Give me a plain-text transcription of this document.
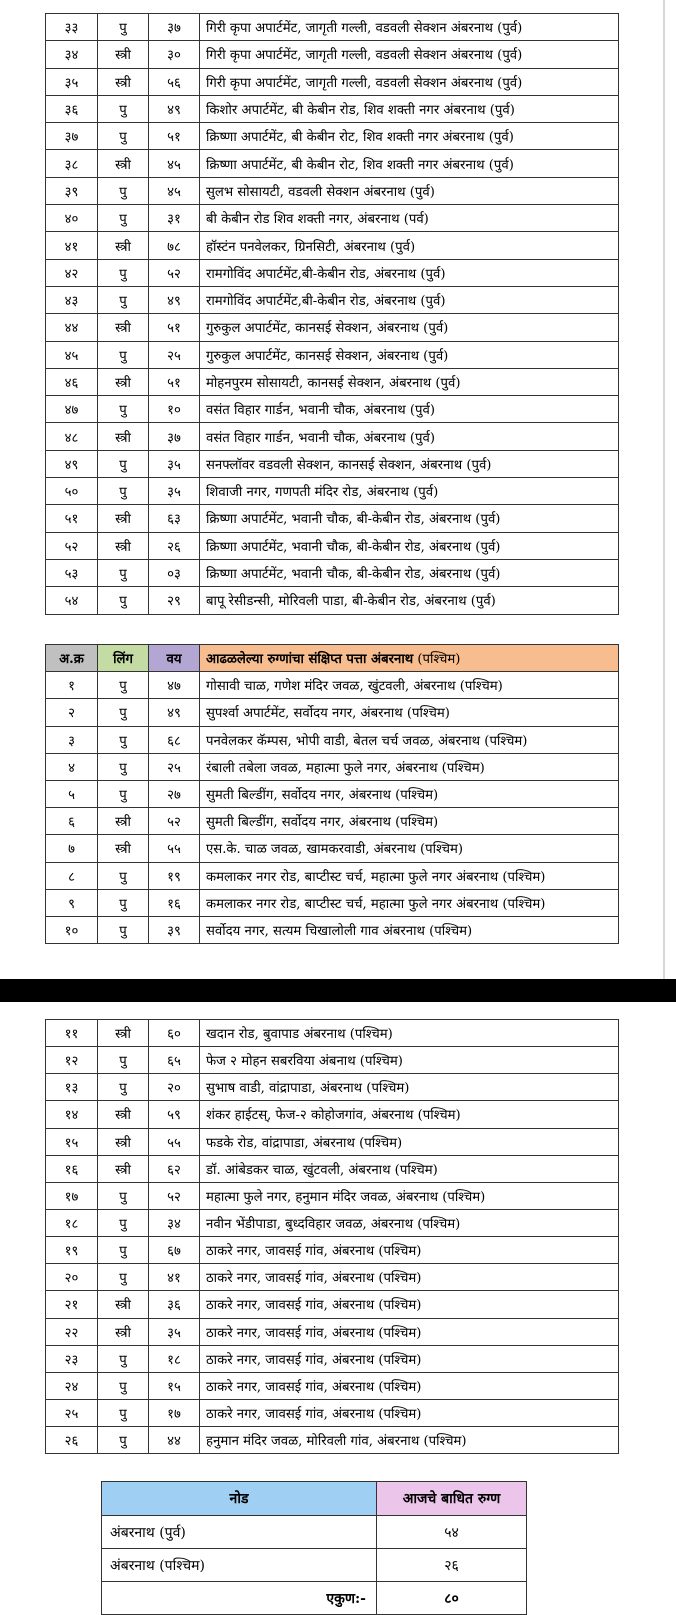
३३	पु	३७	गिरी कृपा अपार्टमेंट, जागृती गल्ली, वडवली सेक्शन अंबरनाथ (पुर्व)
३४	स्त्री	३०	गिरी कृपा अपार्टमेंट, जागृती गल्ली, वडवली सेक्शन अंबरनाथ (पुर्व)
३५	स्त्री	५६	गिरी कृपा अपार्टमेंट, जागृती गल्ली, वडवली सेक्शन अंबरनाथ (पुर्व)
३६	पु	४९	किशोर अपार्टमेंट, बी केबीन रोड, शिव शक्ती नगर अंबरनाथ (पुर्व)
३७	पु	५१	क्रिष्णा अपार्टमेंट, बी केबीन रोट, शिव शक्ती नगर अंबरनाथ (पुर्व)
३८	स्त्री	४५	क्रिष्णा अपार्टमेंट, बी केबीन रोट, शिव शक्ती नगर अंबरनाथ (पुर्व)
३९	पु	४५	सुलभ सोसायटी, वडवली सेक्शन अंबरनाथ (पुर्व)
४०	पु	३१	बी केबीन रोड शिव शक्ती नगर, अंबरनाथ (पर्व)
४१	स्त्री	७८	हॉस्टंन पनवेलकर, ग्रिनसिटी, अंबरनाथ (पुर्व)
४२	पु	५२	रामगोविंद अपार्टमेंट,बी-केबीन रोड, अंबरनाथ (पुर्व)
४३	पु	४९	रामगोविंद अपार्टमेंट,बी-केबीन रोड, अंबरनाथ (पुर्व)
४४	स्त्री	५१	गुरुकुल अपार्टमेंट, कानसई सेक्शन, अंबरनाथ (पुर्व)
४५	पु	२५	गुरुकुल अपार्टमेंट, कानसई सेक्शन, अंबरनाथ (पुर्व)
४६	स्त्री	५१	मोहनपुरम सोसायटी, कानसई सेक्शन, अंबरनाथ (पुर्व)
४७	पु	१०	वसंत विहार गार्डन, भवानी चौक, अंबरनाथ (पुर्व)
४८	स्त्री	३७	वसंत विहार गार्डन, भवानी चौक, अंबरनाथ (पुर्व)
४९	पु	३५	सनफ्लॉवर वडवली सेक्शन, कानसई सेक्शन, अंबरनाथ (पुर्व)
५०	पु	३५	शिवाजी नगर, गणपती मंदिर रोड, अंबरनाथ (पुर्व)
५१	स्त्री	६३	क्रिष्णा अपार्टमेंट, भवानी चौक, बी-केबीन रोड, अंबरनाथ (पुर्व)
५२	स्त्री	२६	क्रिष्णा अपार्टमेंट, भवानी चौक, बी-केबीन रोड, अंबरनाथ (पुर्व)
५३	पु	०३	क्रिष्णा अपार्टमेंट, भवानी चौक, बी-केबीन रोड, अंबरनाथ (पुर्व)
५४	पु	२९	बापू रेसीडन्सी, मोरिवली पाडा, बी-केबीन रोड, अंबरनाथ (पुर्व)
अ.क्र	लिंग	वय	आढळलेल्या रुग्णांचा संक्षिप्त पत्ता अंबरनाथ (पश्चिम)
१	पु	४७	गोसावी चाळ, गणेश मंदिर जवळ, खुंटवली, अंबरनाथ (पश्चिम)
२	पु	४९	सुपर्श्वा अपार्टमेंट, सर्वोदय नगर, अंबरनाथ (पश्चिम)
३	पु	६८	पनवेलकर कॅम्पस, भोपी वाडी, बेतल चर्च जवळ, अंबरनाथ (पश्चिम)
४	पु	२५	रंबाली तबेला जवळ, महात्मा फुले नगर, अंबरनाथ (पश्चिम)
५	पु	२७	सुमती बिल्डींग, सर्वोदय नगर, अंबरनाथ (पश्चिम)
६	स्त्री	५२	सुमती बिल्डींग, सर्वोदय नगर, अंबरनाथ (पश्चिम)
७	स्त्री	५५	एस.के. चाळ जवळ, खामकरवाडी, अंबरनाथ (पश्चिम)
८	पु	१९	कमलाकर नगर रोड, बाप्टीस्ट चर्च, महात्मा फुले नगर अंबरनाथ (पश्चिम)
९	पु	१६	कमलाकर नगर रोड, बाप्टीस्ट चर्च, महात्मा फुले नगर अंबरनाथ (पश्चिम)
१०	पु	३९	सर्वोदय नगर, सत्यम चिखालोली गाव अंबरनाथ (पश्चिम)
११	स्त्री	६०	खदान रोड, बुवापाड अंबरनाथ (पश्चिम)
१२	पु	६५	फेज २ मोहन सबरविया अंबनाथ (पश्चिम)
१३	पु	२०	सुभाष वाडी, वांद्रापाडा, अंबरनाथ (पश्चिम)
१४	स्त्री	५९	शंकर हाईटस्, फेज-२ कोहोजगांव, अंबरनाथ (पश्चिम)
१५	स्त्री	५५	फडके रोड, वांद्रापाडा, अंबरनाथ (पश्चिम)
१६	स्त्री	६२	डॉ. आंबेडकर चाळ, खुंटवली, अंबरनाथ (पश्चिम)
१७	पु	५२	महात्मा फुले नगर, हनुमान मंदिर जवळ, अंबरनाथ (पश्चिम)
१८	पु	३४	नवीन भेंडीपाडा, बुध्दविहार जवळ, अंबरनाथ (पश्चिम)
१९	पु	६७	ठाकरे नगर, जावसई गांव, अंबरनाथ (पश्चिम)
२०	पु	४१	ठाकरे नगर, जावसई गांव, अंबरनाथ (पश्चिम)
२१	स्त्री	३६	ठाकरे नगर, जावसई गांव, अंबरनाथ (पश्चिम)
२२	स्त्री	३५	ठाकरे नगर, जावसई गांव, अंबरनाथ (पश्चिम)
२३	पु	१८	ठाकरे नगर, जावसई गांव, अंबरनाथ (पश्चिम)
२४	पु	१५	ठाकरे नगर, जावसई गांव, अंबरनाथ (पश्चिम)
२५	पु	१७	ठाकरे नगर, जावसई गांव, अंबरनाथ (पश्चिम)
२६	पु	४४	हनुमान मंदिर जवळ, मोरिवली गांव, अंबरनाथ (पश्चिम)
नोड	आजचे बाधित रुग्ण
अंबरनाथ (पुर्व)	५४
अंबरनाथ (पश्चिम)	२६
एकुण:-	८०
